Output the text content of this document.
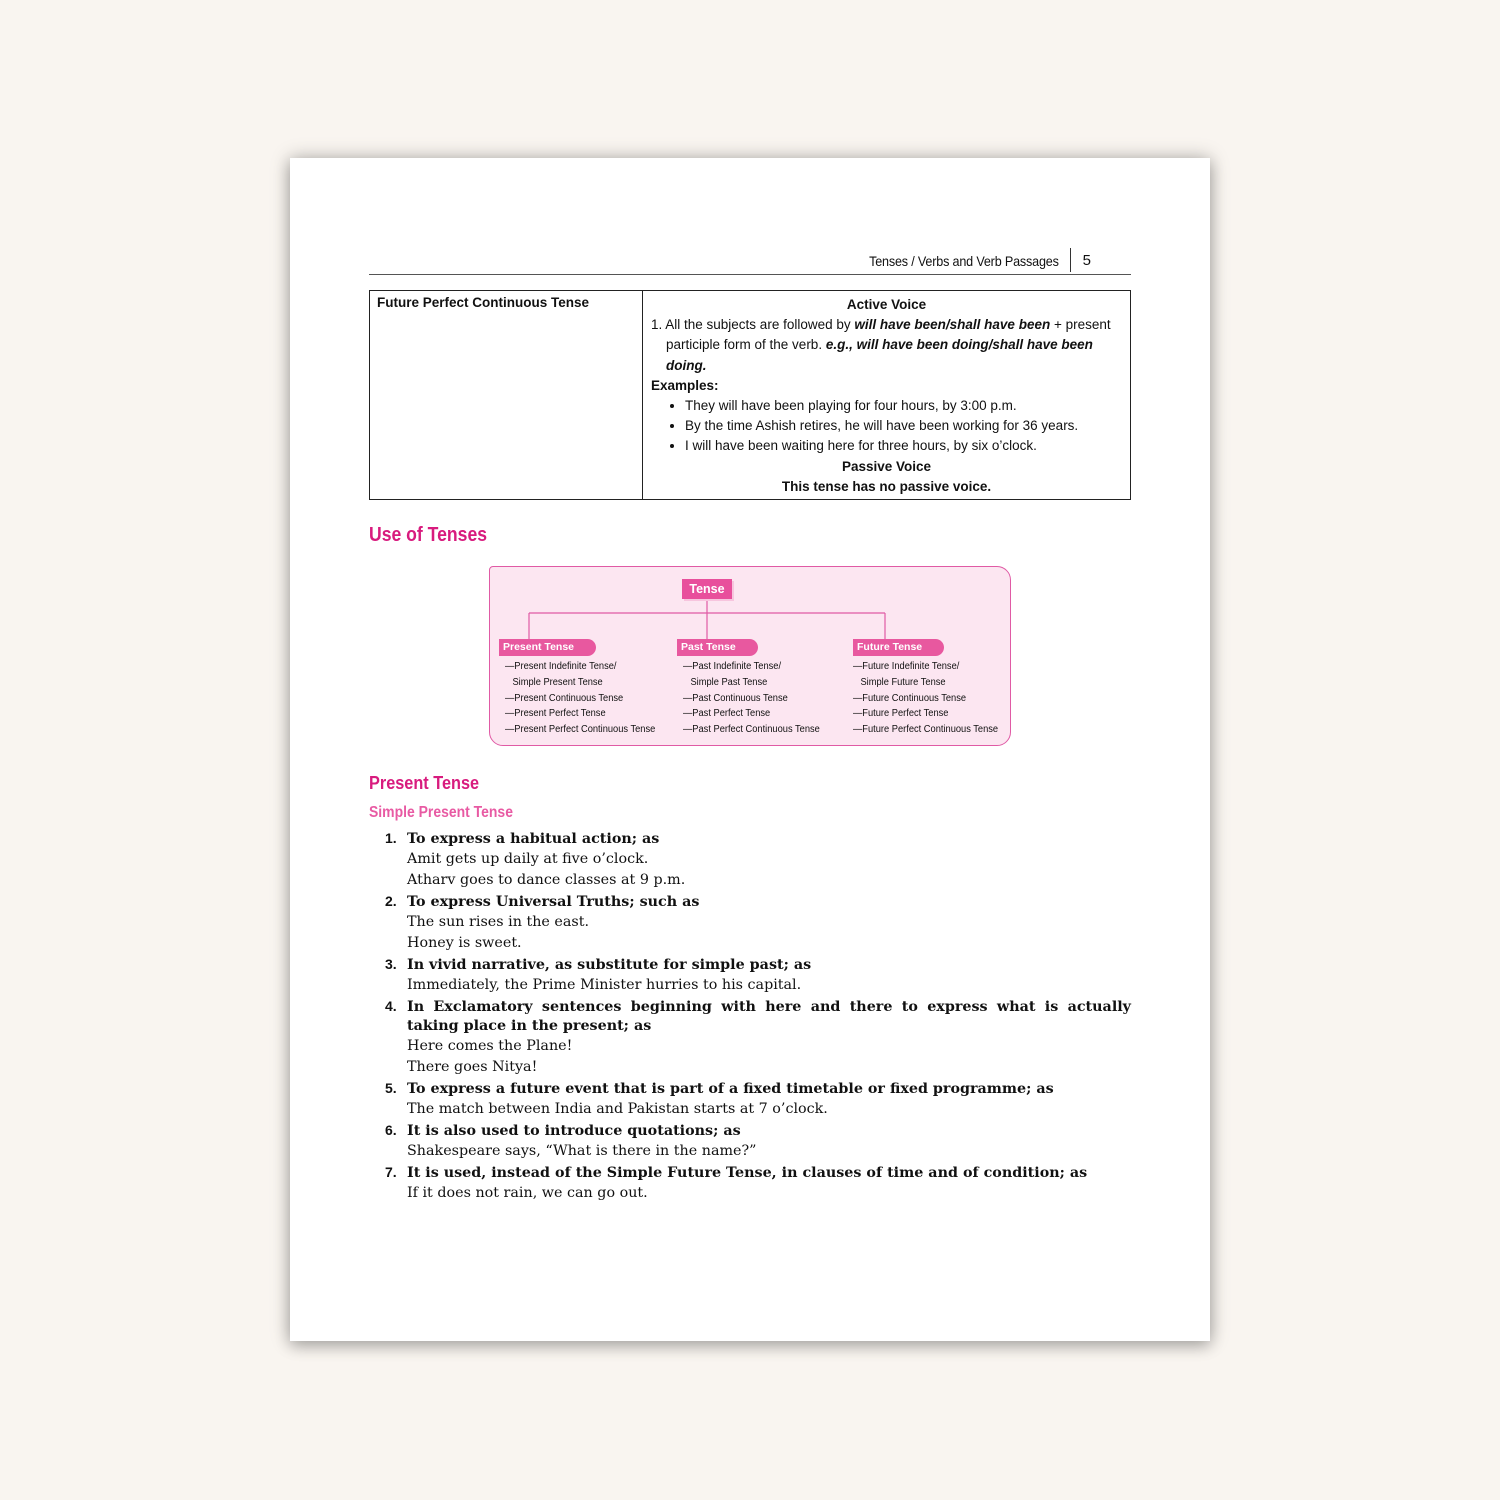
Tenses / Verbs and Verb Passages 5
Future Perfect Continuous Tense	Active Voice
1. All the subjects are followed by will have been/shall have been + present participle form of the verb. e.g., will have been doing/shall have been doing.
Examples:
• They will have been playing for four hours, by 3:00 p.m.
• By the time Ashish retires, he will have been working for 36 years.
• I will have been waiting here for three hours, by six o’clock.
Passive Voice
This tense has no passive voice.
Use of Tenses
Tense
Present Tense
—Present Indefinite Tense/
Simple Present Tense
—Present Continuous Tense
—Present Perfect Tense
—Present Perfect Continuous Tense
Past Tense
—Past Indefinite Tense/
Simple Past Tense
—Past Continuous Tense
—Past Perfect Tense
—Past Perfect Continuous Tense
Future Tense
—Future Indefinite Tense/
Simple Future Tense
—Future Continuous Tense
—Future Perfect Tense
—Future Perfect Continuous Tense
Present Tense
Simple Present Tense
1. To express a habitual action; as
Amit gets up daily at five o’clock.
Atharv goes to dance classes at 9 p.m.
2. To express Universal Truths; such as
The sun rises in the east.
Honey is sweet.
3. In vivid narrative, as substitute for simple past; as
Immediately, the Prime Minister hurries to his capital.
4. In Exclamatory sentences beginning with here and there to express what is actually taking place in the present; as
Here comes the Plane!
There goes Nitya!
5. To express a future event that is part of a fixed timetable or fixed programme; as
The match between India and Pakistan starts at 7 o’clock.
6. It is also used to introduce quotations; as
Shakespeare says, “What is there in the name?”
7. It is used, instead of the Simple Future Tense, in clauses of time and of condition; as
If it does not rain, we can go out.
